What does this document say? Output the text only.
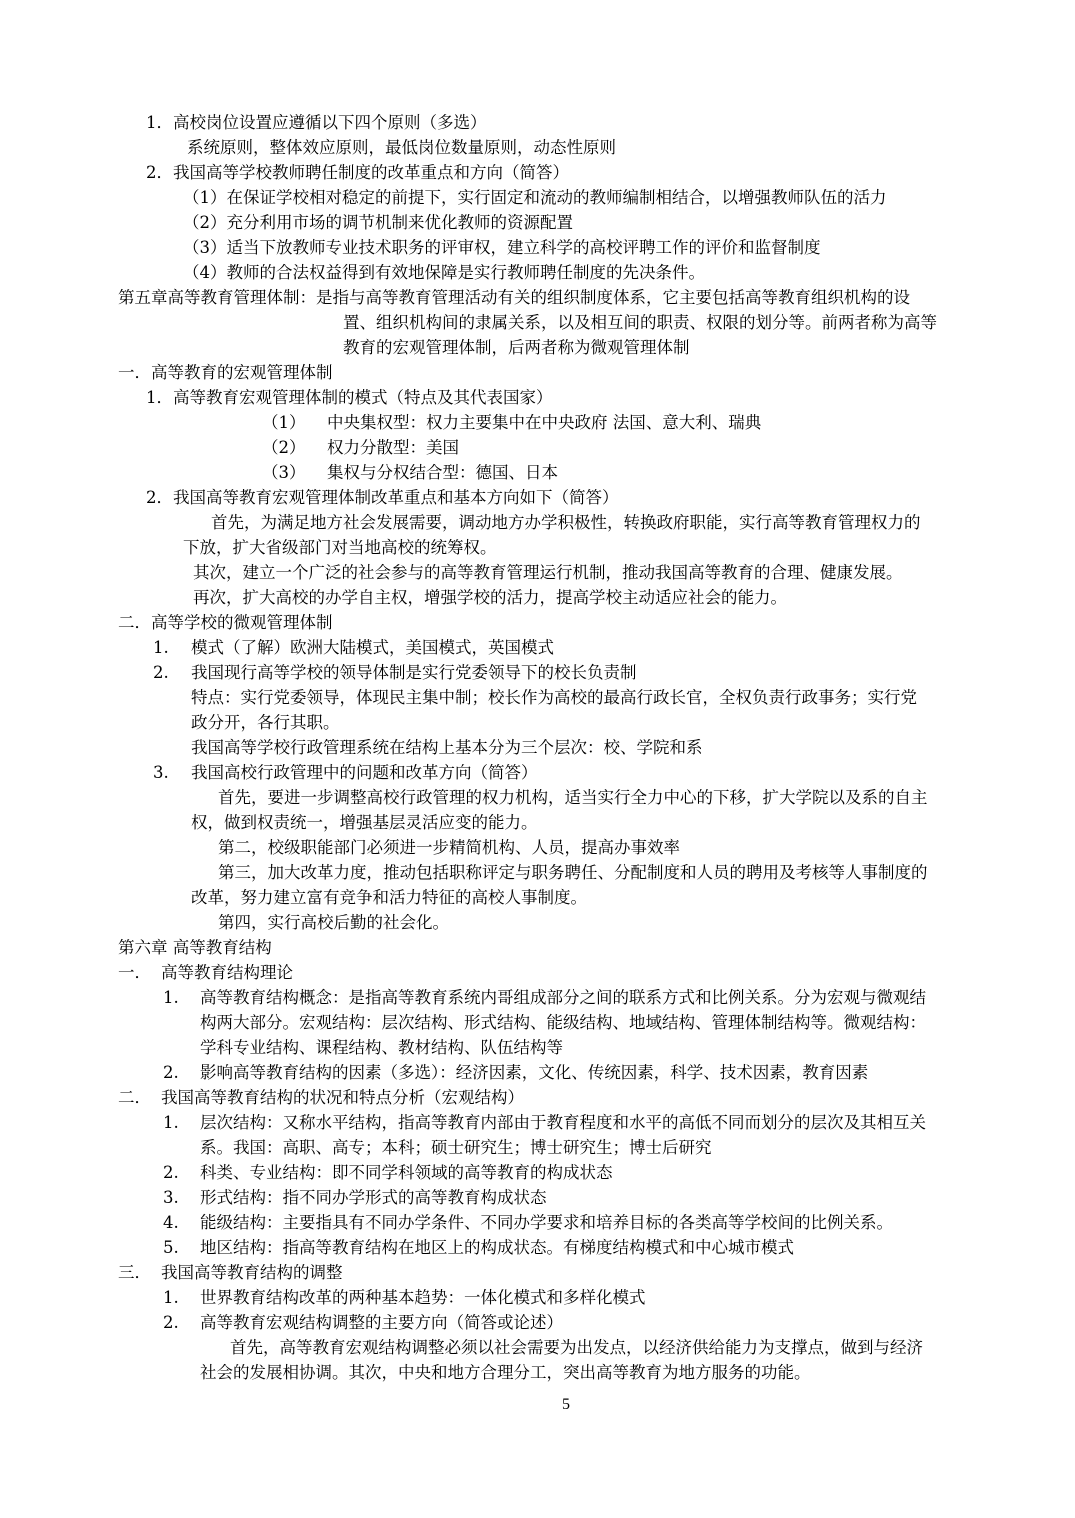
1．高校岗位设置应遵循以下四个原则（多选）
系统原则，整体效应原则，最低岗位数量原则，动态性原则
2．我国高等学校教师聘任制度的改革重点和方向（简答）
（1）在保证学校相对稳定的前提下，实行固定和流动的教师编制相结合，以增强教师队伍的活力
（2）充分利用市场的调节机制来优化教师的资源配置
（3）适当下放教师专业技术职务的评审权，建立科学的高校评聘工作的评价和监督制度
（4）教师的合法权益得到有效地保障是实行教师聘任制度的先决条件。
第五章高等教育管理体制：是指与高等教育管理活动有关的组织制度体系，它主要包括高等教育组织机构的设
置、组织机构间的隶属关系，以及相互间的职责、权限的划分等。前两者称为高等
教育的宏观管理体制，后两者称为微观管理体制
一．高等教育的宏观管理体制
1．高等教育宏观管理体制的模式（特点及其代表国家）
（1） 中央集权型：权力主要集中在中央政府 法国、意大利、瑞典
（2） 权力分散型：美国
（3） 集权与分权结合型：德国、日本
2．我国高等教育宏观管理体制改革重点和基本方向如下（简答）
首先，为满足地方社会发展需要，调动地方办学积极性，转换政府职能，实行高等教育管理权力的
下放，扩大省级部门对当地高校的统筹权。
其次，建立一个广泛的社会参与的高等教育管理运行机制，推动我国高等教育的合理、健康发展。
再次，扩大高校的办学自主权，增强学校的活力，提高学校主动适应社会的能力。
二．高等学校的微观管理体制
1. 模式（了解）欧洲大陆模式，美国模式，英国模式
2. 我国现行高等学校的领导体制是实行党委领导下的校长负责制
特点：实行党委领导，体现民主集中制；校长作为高校的最高行政长官，全权负责行政事务；实行党
政分开，各行其职。
我国高等学校行政管理系统在结构上基本分为三个层次：校、学院和系
3. 我国高校行政管理中的问题和改革方向（简答）
首先，要进一步调整高校行政管理的权力机构，适当实行全力中心的下移，扩大学院以及系的自主
权，做到权责统一，增强基层灵活应变的能力。
第二，校级职能部门必须进一步精简机构、人员，提高办事效率
第三，加大改革力度，推动包括职称评定与职务聘任、分配制度和人员的聘用及考核等人事制度的
改革，努力建立富有竞争和活力特征的高校人事制度。
第四，实行高校后勤的社会化。
第六章 高等教育结构
一． 高等教育结构理论
1. 高等教育结构概念：是指高等教育系统内哥组成部分之间的联系方式和比例关系。分为宏观与微观结
构两大部分。宏观结构：层次结构、形式结构、能级结构、地域结构、管理体制结构等。微观结构：
学科专业结构、课程结构、教材结构、队伍结构等
2. 影响高等教育结构的因素（多选）：经济因素，文化、传统因素，科学、技术因素，教育因素
二． 我国高等教育结构的状况和特点分析（宏观结构）
1. 层次结构：又称水平结构，指高等教育内部由于教育程度和水平的高低不同而划分的层次及其相互关
系。我国：高职、高专；本科；硕士研究生；博士研究生；博士后研究
2. 科类、专业结构：即不同学科领域的高等教育的构成状态
3. 形式结构：指不同办学形式的高等教育构成状态
4. 能级结构：主要指具有不同办学条件、不同办学要求和培养目标的各类高等学校间的比例关系。
5. 地区结构：指高等教育结构在地区上的构成状态。有梯度结构模式和中心城市模式
三． 我国高等教育结构的调整
1. 世界教育结构改革的两种基本趋势：一体化模式和多样化模式
2. 高等教育宏观结构调整的主要方向（简答或论述）
首先，高等教育宏观结构调整必须以社会需要为出发点，以经济供给能力为支撑点，做到与经济
社会的发展相协调。其次，中央和地方合理分工，突出高等教育为地方服务的功能。
5
